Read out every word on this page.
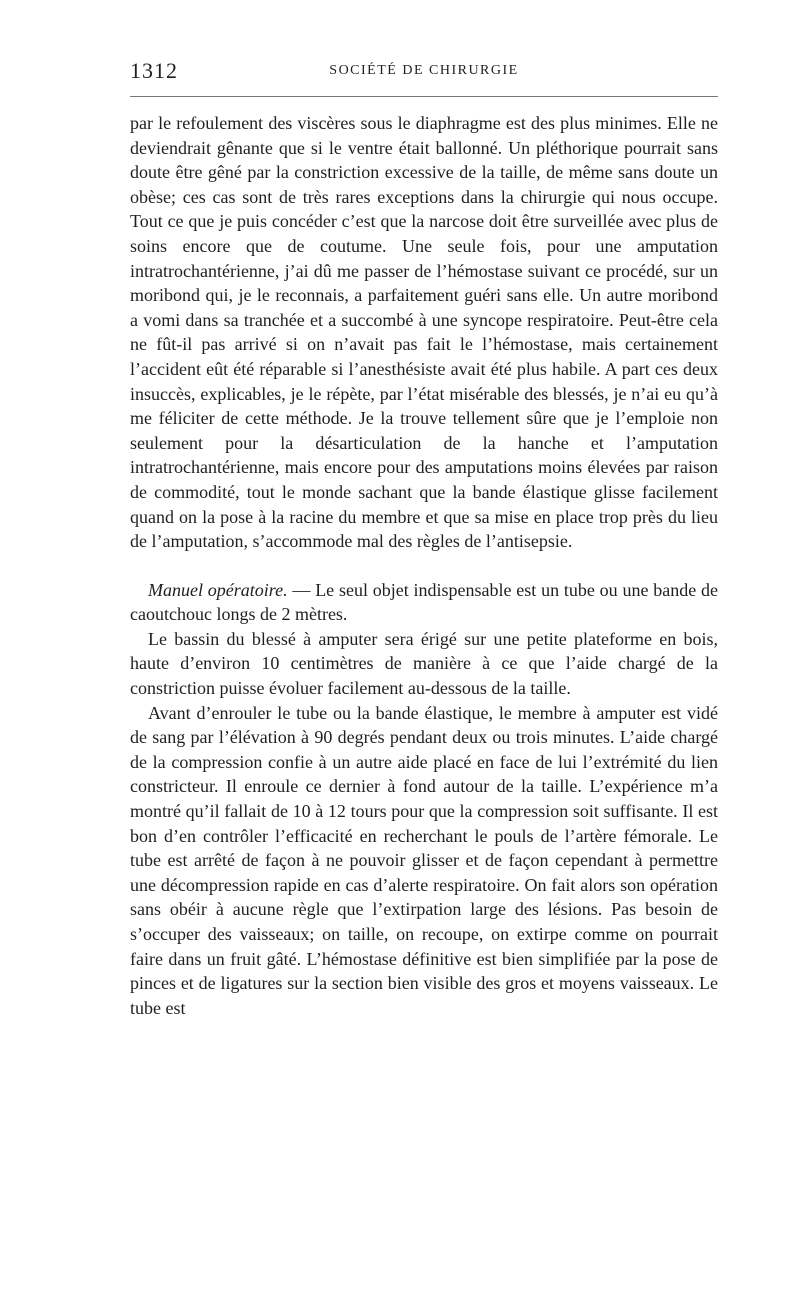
1312	SOCIÉTÉ DE CHIRURGIE

par le refoulement des viscères sous le diaphragme est des plus minimes. Elle ne deviendrait gênante que si le ventre était ballonné. Un pléthorique pourrait sans doute être gêné par la constriction excessive de la taille, de même sans doute un obèse; ces cas sont de très rares exceptions dans la chirurgie qui nous occupe. Tout ce que je puis concéder c’est que la narcose doit être surveillée avec plus de soins encore que de coutume. Une seule fois, pour une amputation intratrochantérienne, j’ai dû me passer de l’hémostase suivant ce procédé, sur un moribond qui, je le reconnais, a parfaitement guéri sans elle. Un autre moribond a vomi dans sa tranchée et a succombé à une syncope respiratoire. Peut-être cela ne fût-il pas arrivé si on n’avait pas fait le l’hémostase, mais certainement l’accident eût été réparable si l’anesthésiste avait été plus habile. A part ces deux insuccès, explicables, je le répète, par l’état misérable des blessés, je n’ai eu qu’à me féliciter de cette méthode. Je la trouve tellement sûre que je l’emploie non seulement pour la désarticulation de la hanche et l’amputation intratrochantérienne, mais encore pour des amputations moins élevées par raison de commodité, tout le monde sachant que la bande élastique glisse facilement quand on la pose à la racine du membre et que sa mise en place trop près du lieu de l’amputation, s’accommode mal des règles de l’antisepsie.

Manuel opératoire. — Le seul objet indispensable est un tube ou une bande de caoutchouc longs de 2 mètres.

Le bassin du blessé à amputer sera érigé sur une petite plateforme en bois, haute d’environ 10 centimètres de manière à ce que l’aide chargé de la constriction puisse évoluer facilement au-dessous de la taille.

Avant d’enrouler le tube ou la bande élastique, le membre à amputer est vidé de sang par l’élévation à 90 degrés pendant deux ou trois minutes. L’aide chargé de la compression confie à un autre aide placé en face de lui l’extrémité du lien constricteur. Il enroule ce dernier à fond autour de la taille. L’expérience m’a montré qu’il fallait de 10 à 12 tours pour que la compression soit suffisante. Il est bon d’en contrôler l’efficacité en recherchant le pouls de l’artère fémorale. Le tube est arrêté de façon à ne pouvoir glisser et de façon cependant à permettre une décompression rapide en cas d’alerte respiratoire. On fait alors son opération sans obéir à aucune règle que l’extirpation large des lésions. Pas besoin de s’occuper des vaisseaux; on taille, on recoupe, on extirpe comme on pourrait faire dans un fruit gâté. L’hémostase définitive est bien simplifiée par la pose de pinces et de ligatures sur la section bien visible des gros et moyens vaisseaux. Le tube est
